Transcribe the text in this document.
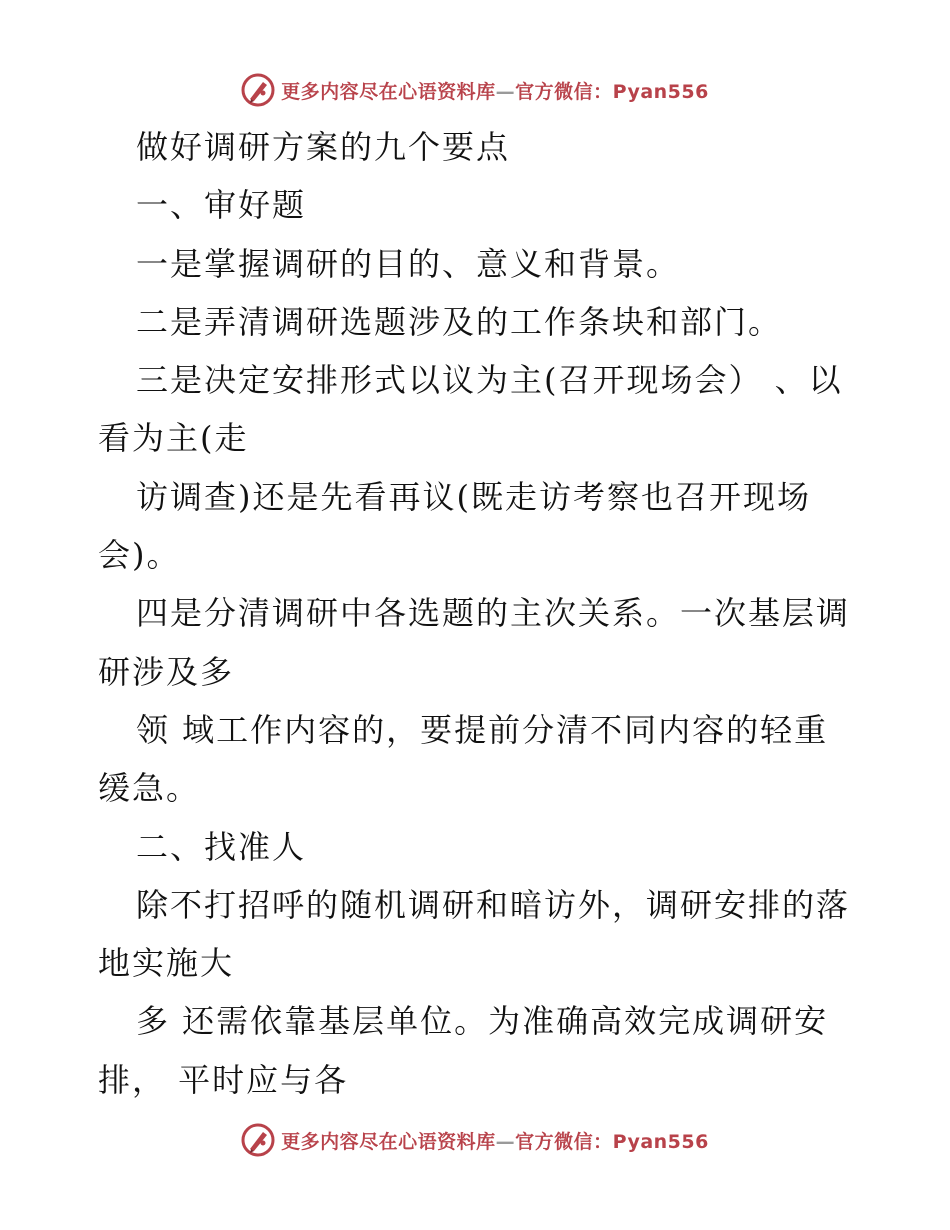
更多内容尽在心语资料库—官方微信：Pyan556
做好调研方案的九个要点
一、审好题
一是掌握调研的目的、意义和背景。
二是弄清调研选题涉及的工作条块和部门。
三是决定安排形式以议为主(召开现场会） 、以
看为主(走
访调查)还是先看再议(既走访考察也召开现场
会)。
四是分清调研中各选题的主次关系。一次基层调
研涉及多
领 域工作内容的，要提前分清不同内容的轻重
缓急。
二、找准人
除不打招呼的随机调研和暗访外，调研安排的落
地实施大
多 还需依靠基层单位。为准确高效完成调研安
排， 平时应与各
更多内容尽在心语资料库—官方微信：Pyan556
